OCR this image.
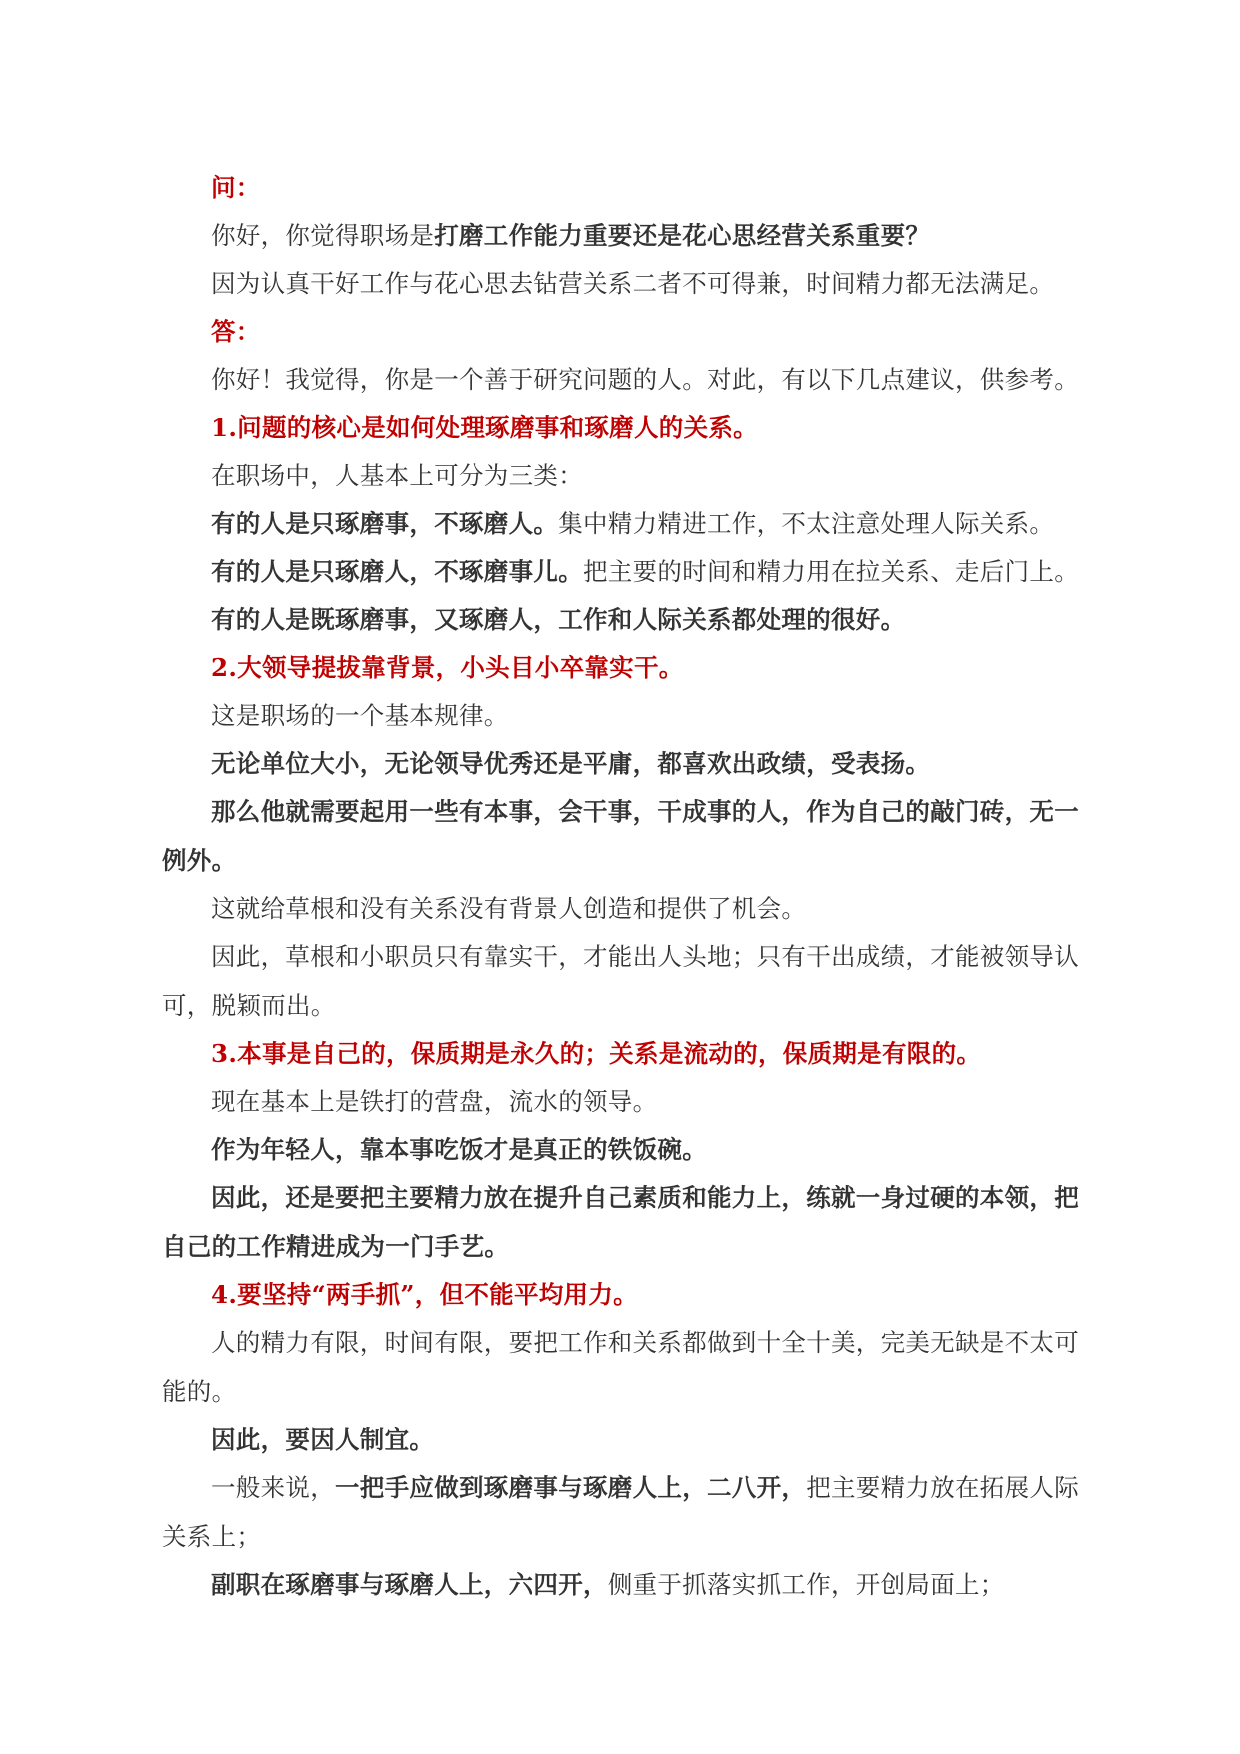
问：

你好，你觉得职场是打磨工作能力重要还是花心思经营关系重要？

因为认真干好工作与花心思去钻营关系二者不可得兼，时间精力都无法满足。

答：

你好！我觉得，你是一个善于研究问题的人。对此，有以下几点建议，供参考。

1.问题的核心是如何处理琢磨事和琢磨人的关系。

在职场中，人基本上可分为三类：

有的人是只琢磨事，不琢磨人。集中精力精进工作，不太注意处理人际关系。

有的人是只琢磨人，不琢磨事儿。把主要的时间和精力用在拉关系、走后门上。

有的人是既琢磨事，又琢磨人，工作和人际关系都处理的很好。

2.大领导提拔靠背景，小头目小卒靠实干。

这是职场的一个基本规律。

无论单位大小，无论领导优秀还是平庸，都喜欢出政绩，受表扬。

那么他就需要起用一些有本事，会干事，干成事的人，作为自己的敲门砖，无一例外。

这就给草根和没有关系没有背景人创造和提供了机会。

因此，草根和小职员只有靠实干，才能出人头地；只有干出成绩，才能被领导认可，脱颖而出。

3.本事是自己的，保质期是永久的；关系是流动的，保质期是有限的。

现在基本上是铁打的营盘，流水的领导。

作为年轻人，靠本事吃饭才是真正的铁饭碗。

因此，还是要把主要精力放在提升自己素质和能力上，练就一身过硬的本领，把自己的工作精进成为一门手艺。

4.要坚持“两手抓”，但不能平均用力。

人的精力有限，时间有限，要把工作和关系都做到十全十美，完美无缺是不太可能的。

因此，要因人制宜。

一般来说，一把手应做到琢磨事与琢磨人上，二八开，把主要精力放在拓展人际关系上；

副职在琢磨事与琢磨人上，六四开，侧重于抓落实抓工作，开创局面上；
